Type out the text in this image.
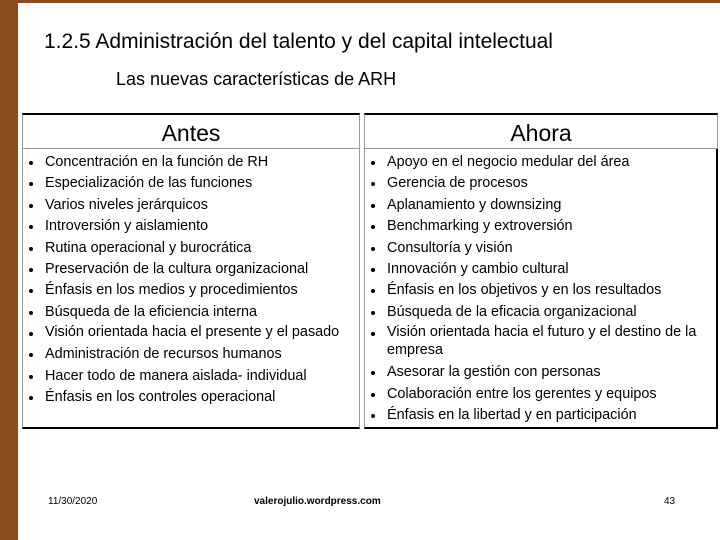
1.2.5 Administración del talento y del capital intelectual
Las nuevas características de ARH
Antes
Concentración en la función de RH
Especialización de las funciones
Varios niveles jerárquicos
Introversión y aislamiento
Rutina operacional y burocrática
Preservación de la cultura organizacional
Énfasis en los medios y procedimientos
Búsqueda de la eficiencia interna
Visión orientada hacia el presente y el pasado
Administración de recursos humanos
Hacer todo de manera aislada- individual
Énfasis en los controles operacional
Ahora
Apoyo en el negocio medular del área
Gerencia de procesos
Aplanamiento y downsizing
Benchmarking y extroversión
Consultoría y visión
Innovación y cambio cultural
Énfasis en los objetivos y en los resultados
Búsqueda de la eficacia organizacional
Visión orientada hacia el futuro y el destino de la empresa
Asesorar la gestión con personas
Colaboración entre los gerentes y equipos
Énfasis en la libertad y en participación
11/30/2020	valerojulio.wordpress.com	43
